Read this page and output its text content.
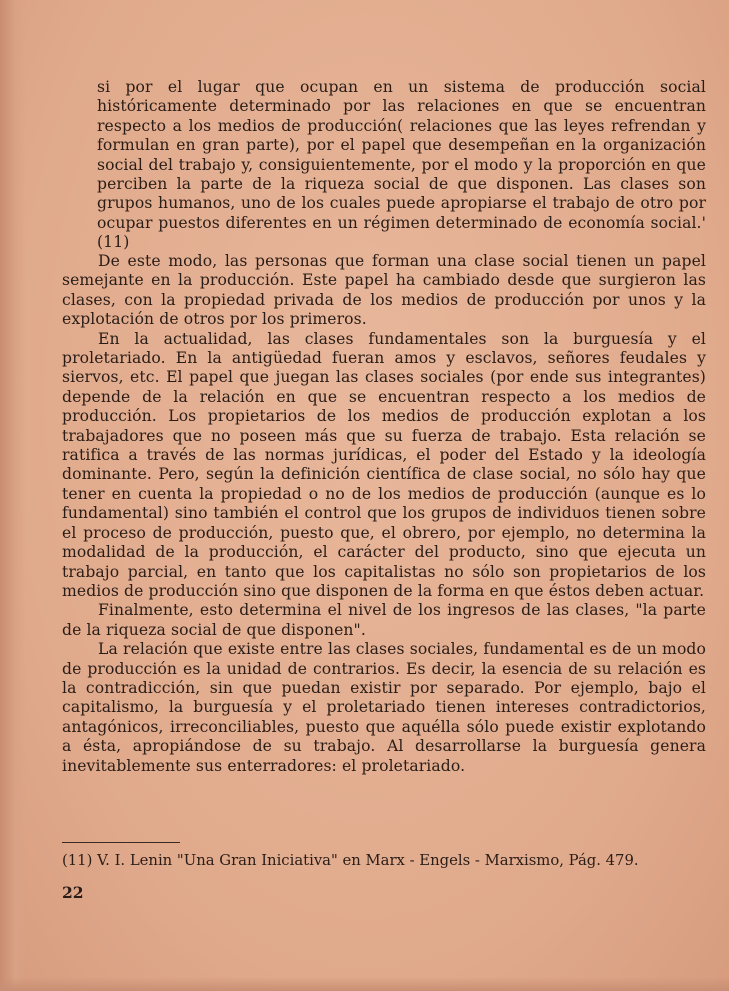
si por el lugar que ocupan en un sistema de producción social históricamente determinado por las relaciones en que se encuentran respecto a los medios de producción( relaciones que las leyes refrendan y formulan en gran parte), por el papel que desempeñan en la organización social del trabajo y, consiguientemente, por el modo y la proporción en que perciben la parte de la riqueza social de que disponen. Las clases son grupos humanos, uno de los cuales puede apropiarse el trabajo de otro por ocupar puestos diferentes en un régimen determinado de economía social.' (11)

De este modo, las personas que forman una clase social tienen un papel semejante en la producción. Este papel ha cambiado desde que surgieron las clases, con la propiedad privada de los medios de producción por unos y la explotación de otros por los primeros.

En la actualidad, las clases fundamentales son la burguesía y el proletariado. En la antigüedad fueran amos y esclavos, señores feudales y siervos, etc. El papel que juegan las clases sociales (por ende sus integrantes) depende de la relación en que se encuentran respecto a los medios de producción. Los propietarios de los medios de producción explotan a los trabajadores que no poseen más que su fuerza de trabajo. Esta relación se ratifica a través de las normas jurídicas, el poder del Estado y la ideología dominante. Pero, según la definición científica de clase social, no sólo hay que tener en cuenta la propiedad o no de los medios de producción (aunque es lo fundamental) sino también el control que los grupos de individuos tienen sobre el proceso de producción, puesto que, el obrero, por ejemplo, no determina la modalidad de la producción, el carácter del producto, sino que ejecuta un trabajo parcial, en tanto que los capitalistas no sólo son propietarios de los medios de producción sino que disponen de la forma en que éstos deben actuar.

Finalmente, esto determina el nivel de los ingresos de las clases, "la parte de la riqueza social de que disponen".

La relación que existe entre las clases sociales, fundamental es de un modo de producción es la unidad de contrarios. Es decir, la esencia de su relación es la contradicción, sin que puedan existir por separado. Por ejemplo, bajo el capitalismo, la burguesía y el proletariado tienen intereses contradictorios, antagónicos, irreconciliables, puesto que aquélla sólo puede existir explotando a ésta, apropiándose de su trabajo. Al desarrollarse la burguesía genera inevitablemente sus enterradores: el proletariado.

(11) V. I. Lenin "Una Gran Iniciativa" en Marx - Engels - Marxismo, Pág. 479.
22
